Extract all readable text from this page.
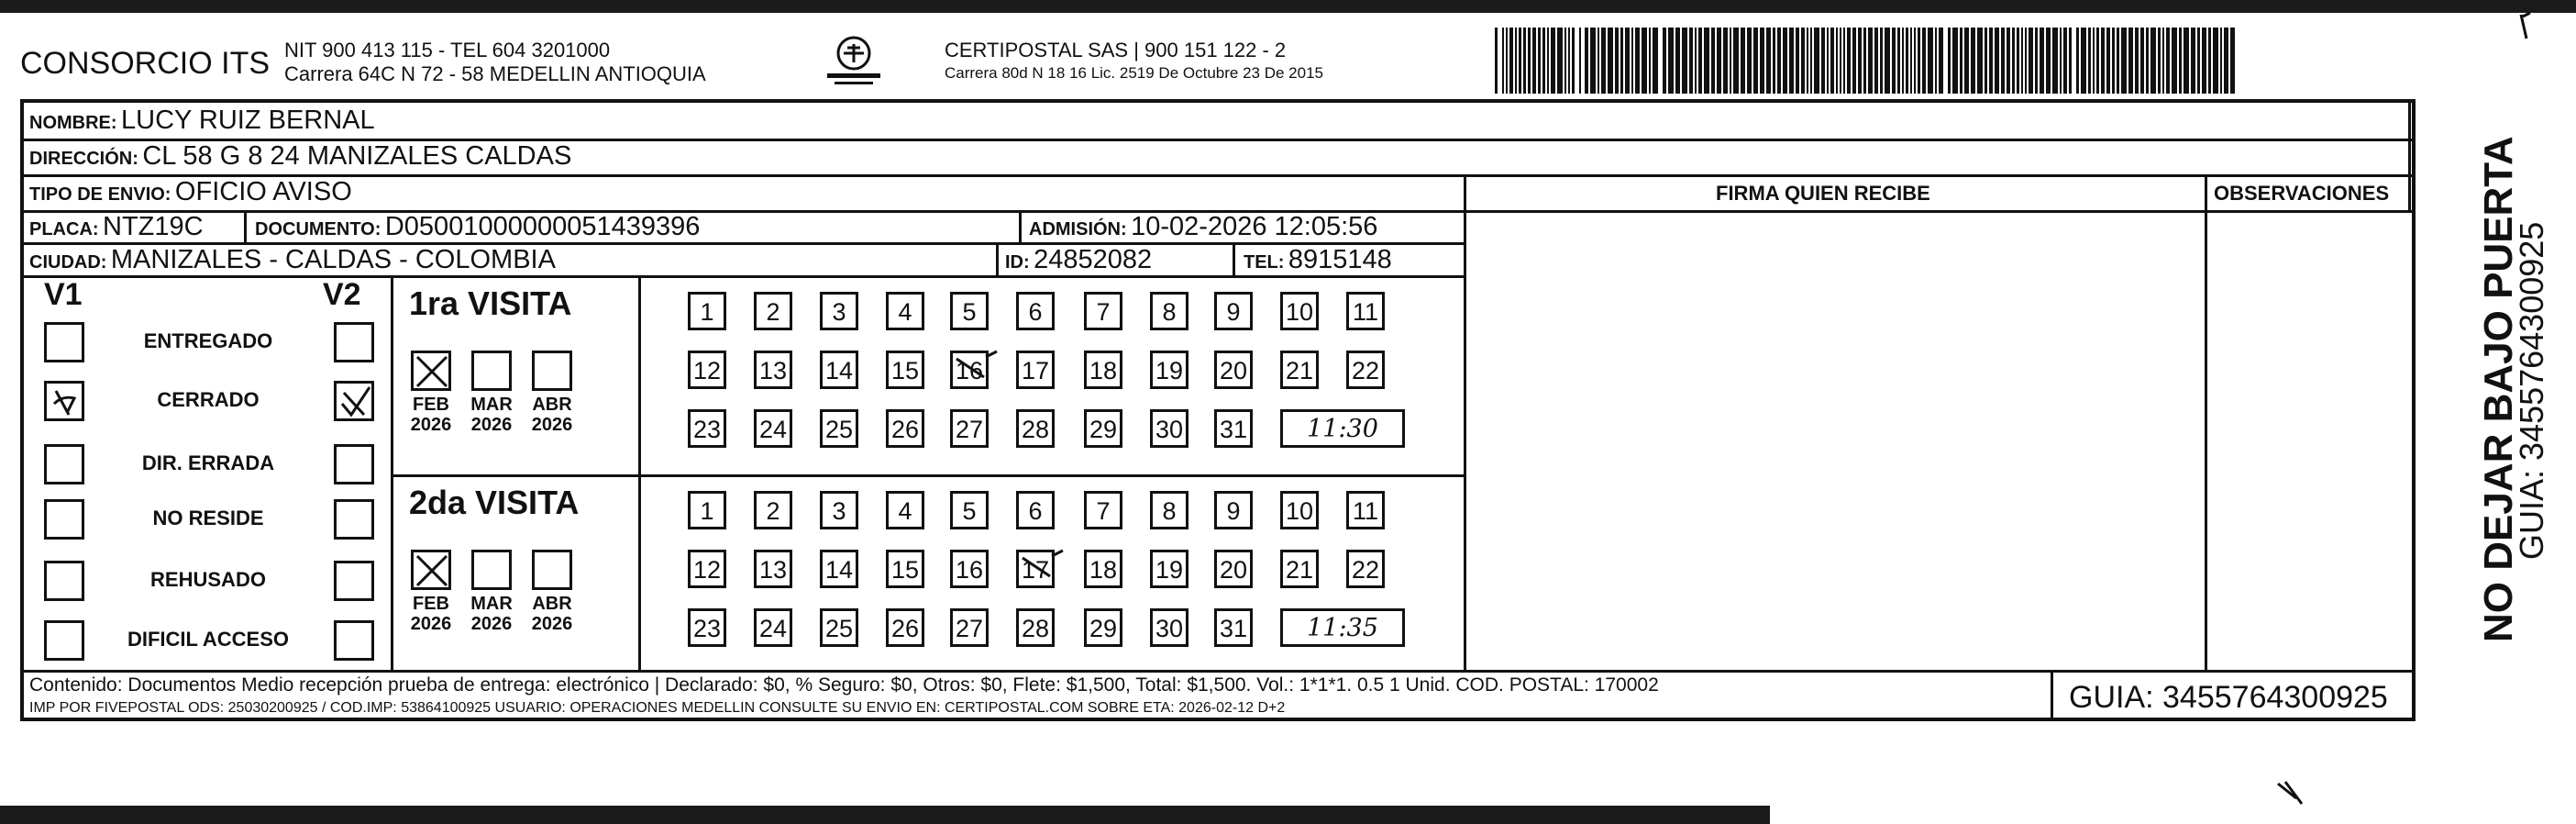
CONSORCIO ITS NIT 900 413 115 - TEL 604 3201000
Carrera 64C N 72 - 58 MEDELLIN ANTIOQUIA
CERTIPOSTAL SAS | 900 151 122 - 2
Carrera 80d N 18 16 Lic. 2519 De Octubre 23 De 2015
FIRMA QUIEN RECIBE	OBSERVACIONES
NOMBRE: LUCY RUIZ BERNAL
DIRECCIÓN: CL 58 G 8 24 MANIZALES CALDAS
TIPO DE ENVIO: OFICIO AVISO
PLACA: NTZ19C	DOCUMENTO: D05001000000051439396	ADMISIÓN: 10-02-2026 12:05:56
CIUDAD: MANIZALES - CALDAS - COLOMBIA	ID: 24852082	TEL: 8915148
V1	V2
ENTREGADO
CERRADO
DIR. ERRADA
NO RESIDE
REHUSADO
DIFICIL ACCESO
1ra VISITA
FEB
2026
MAR
2026
ABR
2026
1	2	3	4	5	6	7	8	9	10 11
12 13 14 15 16 17 18 19 20 21 22
23 24 25 26 27 28 29 30 31	11:30
2da VISITA
FEB
2026
MAR
2026
ABR
2026
1	2	3	4	5	6	7	8	9	10 11
12 13 14 15 16 17 18 19 20 21 22
23 24 25 26 27 28 29 30 31	11:35
Contenido: Documentos Medio recepción prueba de entrega: electrónico | Declarado: $0, % Seguro: $0, Otros: $0, Flete: $1,500, Total: $1,500. Vol.: 1*1*1. 0.5 1 Unid. COD. POSTAL: 170002
IMP POR FIVEPOSTAL ODS: 25030200925 / COD.IMP: 53864100925 USUARIO: OPERACIONES MEDELLIN CONSULTE SU ENVIO EN: CERTIPOSTAL.COM SOBRE ETA: 2026-02-12 D+2	GUIA: 3455764300925
NO DEJAR BAJO PUERTA
GUIA: 3455764300925
